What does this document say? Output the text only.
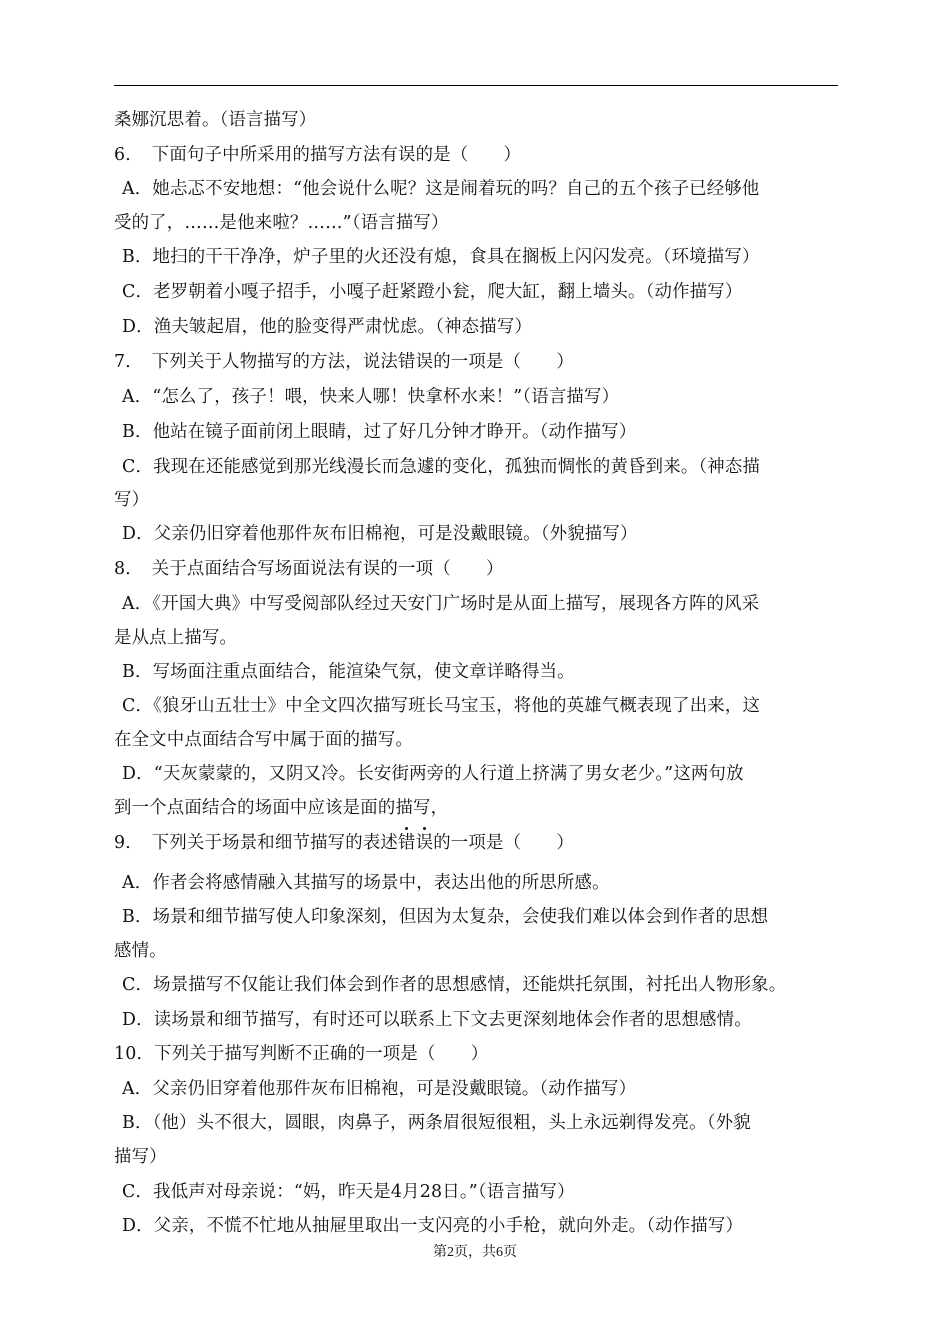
桑娜沉思着。（语言描写）
6．　下面句子中所采用的描写方法有误的是（　　）
A．她忐忑不安地想：“他会说什么呢？这是闹着玩的吗？自己的五个孩子已经够他
受的了，……是他来啦？……”（语言描写）
B．地扫的干干净净，炉子里的火还没有熄，食具在搁板上闪闪发亮。（环境描写）
C．老罗朝着小嘎子招手，小嘎子赶紧蹬小瓮，爬大缸，翻上墙头。（动作描写）
D．渔夫皱起眉，他的脸变得严肃忧虑。（神态描写）
7．　下列关于人物描写的方法，说法错误的一项是（　　）
A．“怎么了，孩子！喂，快来人哪！快拿杯水来！”（语言描写）
B．他站在镜子面前闭上眼睛，过了好几分钟才睁开。（动作描写）
C．我现在还能感觉到那光线漫长而急遽的变化，孤独而惆怅的黄昏到来。（神态描
写）
D．父亲仍旧穿着他那件灰布旧棉袍，可是没戴眼镜。（外貌描写）
8．　关于点面结合写场面说法有误的一项（　　）
A．《开国大典》中写受阅部队经过天安门广场时是从面上描写，展现各方阵的风采
是从点上描写。
B．写场面注重点面结合，能渲染气氛，使文章详略得当。
C．《狼牙山五壮士》中全文四次描写班长马宝玉，将他的英雄气概表现了出来，这
在全文中点面结合写中属于面的描写。
D．“天灰蒙蒙的，又阴又冷。长安街两旁的人行道上挤满了男女老少。”这两句放
到一个点面结合的场面中应该是面的描写，
9．　下列关于场景和细节描写的表述错误的一项是（　　）
A．作者会将感情融入其描写的场景中，表达出他的所思所感。
B．场景和细节描写使人印象深刻，但因为太复杂，会使我们难以体会到作者的思想
感情。
C．场景描写不仅能让我们体会到作者的思想感情，还能烘托氛围，衬托出人物形象。
D．读场景和细节描写，有时还可以联系上下文去更深刻地体会作者的思想感情。
10．下列关于描写判断不正确的一项是（　　）
A．父亲仍旧穿着他那件灰布旧棉袍，可是没戴眼镜。（动作描写）
B．（他）头不很大，圆眼，肉鼻子，两条眉很短很粗，头上永远剃得发亮。（外貌
描写）
C．我低声对母亲说：“妈，昨天是4月28日。”（语言描写）
D．父亲，不慌不忙地从抽屉里取出一支闪亮的小手枪，就向外走。（动作描写）
第2页，共6页
